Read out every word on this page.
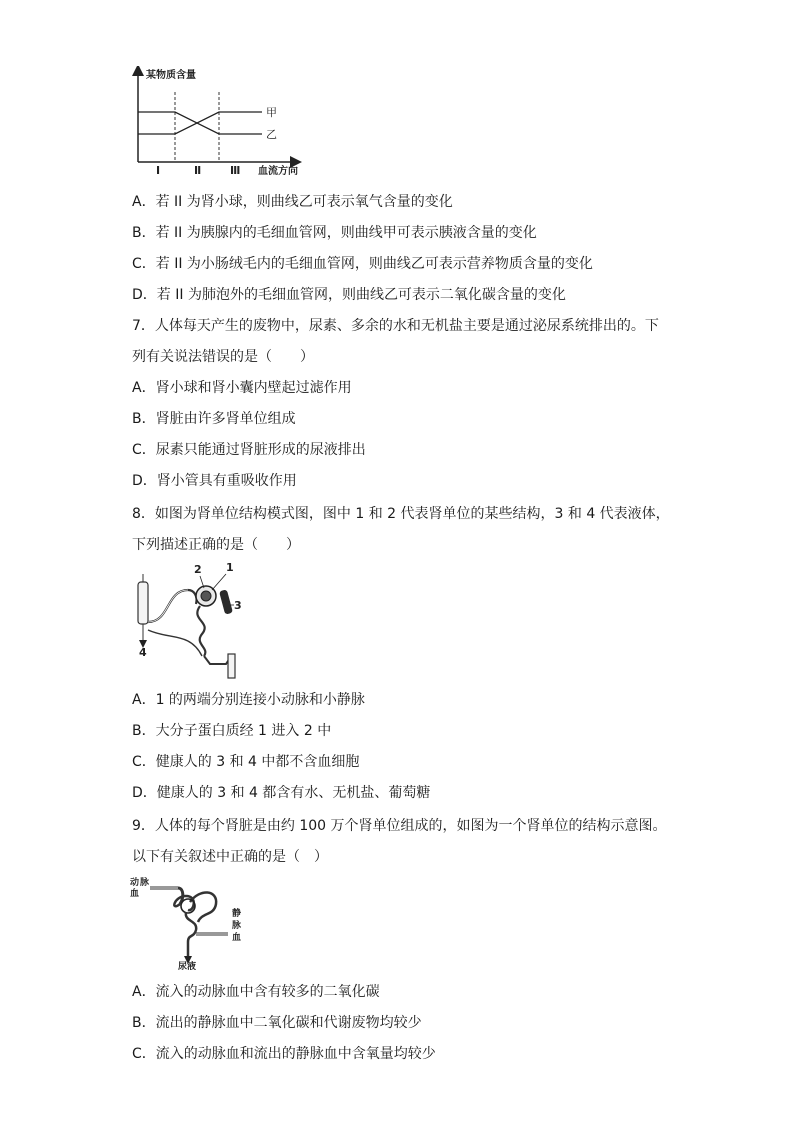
某物质含量
甲
乙
Ⅰ	Ⅱ	Ⅲ 血流方向
A．若 II 为肾小球，则曲线乙可表示氧气含量的变化
B．若 II 为胰腺内的毛细血管网，则曲线甲可表示胰液含量的变化
C．若 II 为小肠绒毛内的毛细血管网，则曲线乙可表示营养物质含量的变化
D．若 II 为肺泡外的毛细血管网，则曲线乙可表示二氧化碳含量的变化
7．人体每天产生的废物中，尿素、多余的水和无机盐主要是通过泌尿系统排出的。下
列有关说法错误的是（　　）
A．肾小球和肾小囊内壁起过滤作用
B．肾脏由许多肾单位组成
C．尿素只能通过肾脏形成的尿液排出
D．肾小管具有重吸收作用
8．如图为肾单位结构模式图，图中 1 和 2 代表肾单位的某些结构，3 和 4 代表液体，
下列描述正确的是（　　）
2 1
3
4
A．1 的两端分别连接小动脉和小静脉
B．大分子蛋白质经 1 进入 2 中
C．健康人的 3 和 4 中都不含血细胞
D．健康人的 3 和 4 都含有水、无机盐、葡萄糖
9．人体的每个肾脏是由约 100 万个肾单位组成的，如图为一个肾单位的结构示意图。
以下有关叙述中正确的是（　）
动 脉
血
静
脉
血
尿液
A．流入的动脉血中含有较多的二氧化碳
B．流出的静脉血中二氧化碳和代谢废物均较少
C．流入的动脉血和流出的静脉血中含氧量均较少
